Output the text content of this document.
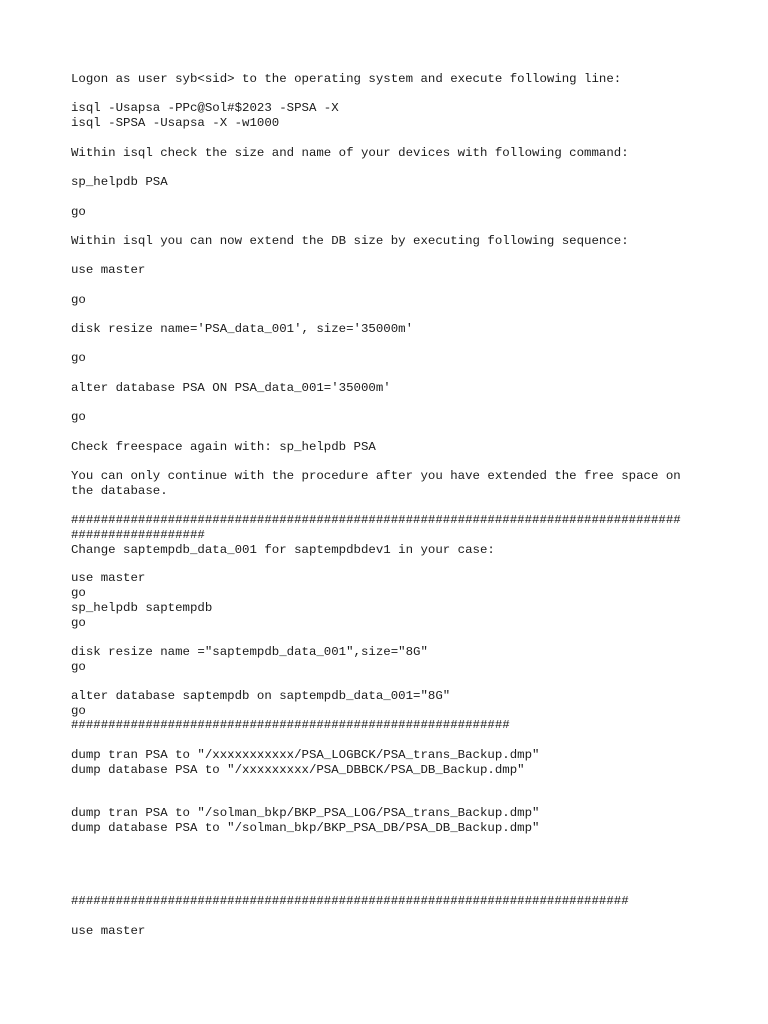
Logon as user syb<sid> to the operating system and execute following line:

isql -Usapsa -PPc@Sol#$2023 -SPSA -X

isql -SPSA -Usapsa -X -w1000

Within isql check the size and name of your devices with following command:

sp_helpdb PSA

go

Within isql you can now extend the DB size by executing following sequence:

use master

go

disk resize name='PSA_data_001', size='35000m'

go

alter database PSA ON PSA_data_001='35000m'

go

Check freespace again with: sp_helpdb PSA

You can only continue with the procedure after you have extended the free space on

the database.

##################################################################################

##################

Change saptempdb_data_001 for saptempdbdev1 in your case:

use master

go

sp_helpdb saptempdb

go

disk resize name ="saptempdb_data_001",size="8G"

go

alter database saptempdb on saptempdb_data_001="8G"

go

###########################################################

dump tran PSA to "/xxxxxxxxxxx/PSA_LOGBCK/PSA_trans_Backup.dmp"

dump database PSA to "/xxxxxxxxx/PSA_DBBCK/PSA_DB_Backup.dmp"

dump tran PSA to "/solman_bkp/BKP_PSA_LOG/PSA_trans_Backup.dmp"

dump database PSA to "/solman_bkp/BKP_PSA_DB/PSA_DB_Backup.dmp"

###########################################################################

use master
